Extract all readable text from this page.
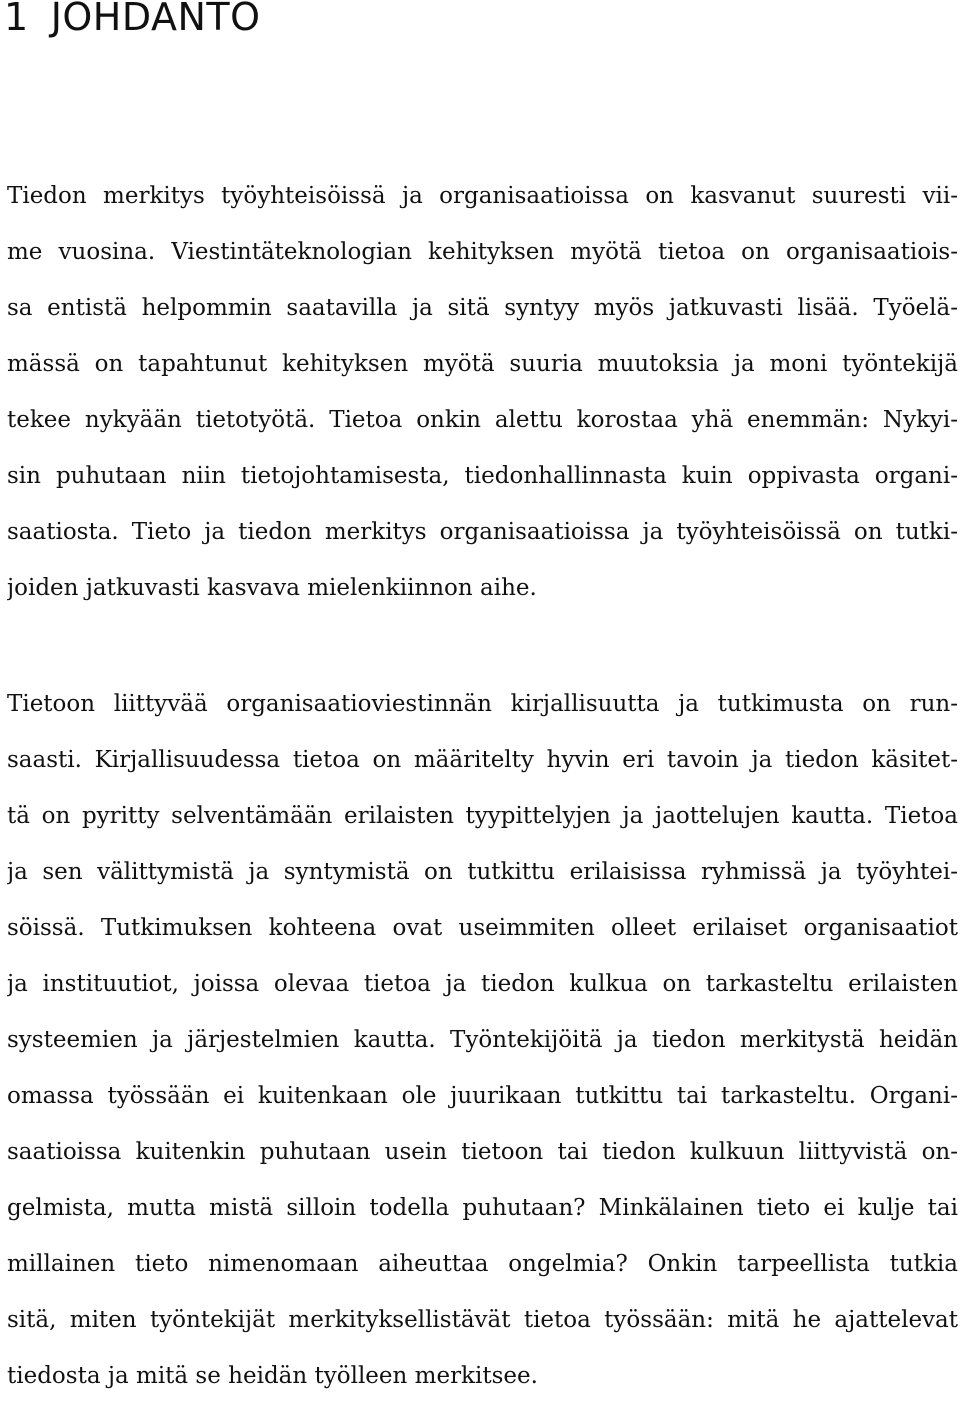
1 JOHDANTO
Tiedon merkitys työyhteisöissä ja organisaatioissa on kasvanut suuresti vii-
me vuosina. Viestintäteknologian kehityksen myötä tietoa on organisaatiois-
sa entistä helpommin saatavilla ja sitä syntyy myös jatkuvasti lisää. Työelä-
mässä on tapahtunut kehityksen myötä suuria muutoksia ja moni työntekijä
tekee nykyään tietotyötä. Tietoa onkin alettu korostaa yhä enemmän: Nykyi-
sin puhutaan niin tietojohtamisesta, tiedonhallinnasta kuin oppivasta organi-
saatiosta. Tieto ja tiedon merkitys organisaatioissa ja työyhteisöissä on tutki-
joiden jatkuvasti kasvava mielenkiinnon aihe.
Tietoon liittyvää organisaatioviestinnän kirjallisuutta ja tutkimusta on run-
saasti. Kirjallisuudessa tietoa on määritelty hyvin eri tavoin ja tiedon käsitet-
tä on pyritty selventämään erilaisten tyypittelyjen ja jaottelujen kautta. Tietoa
ja sen välittymistä ja syntymistä on tutkittu erilaisissa ryhmissä ja työyhtei-
söissä. Tutkimuksen kohteena ovat useimmiten olleet erilaiset organisaatiot
ja instituutiot, joissa olevaa tietoa ja tiedon kulkua on tarkasteltu erilaisten
systeemien ja järjestelmien kautta. Työntekijöitä ja tiedon merkitystä heidän
omassa työssään ei kuitenkaan ole juurikaan tutkittu tai tarkasteltu. Organi-
saatioissa kuitenkin puhutaan usein tietoon tai tiedon kulkuun liittyvistä on-
gelmista, mutta mistä silloin todella puhutaan? Minkälainen tieto ei kulje tai
millainen tieto nimenomaan aiheuttaa ongelmia? Onkin tarpeellista tutkia
sitä, miten työntekijät merkityksellistävät tietoa työssään: mitä he ajattelevat
tiedosta ja mitä se heidän työlleen merkitsee.
